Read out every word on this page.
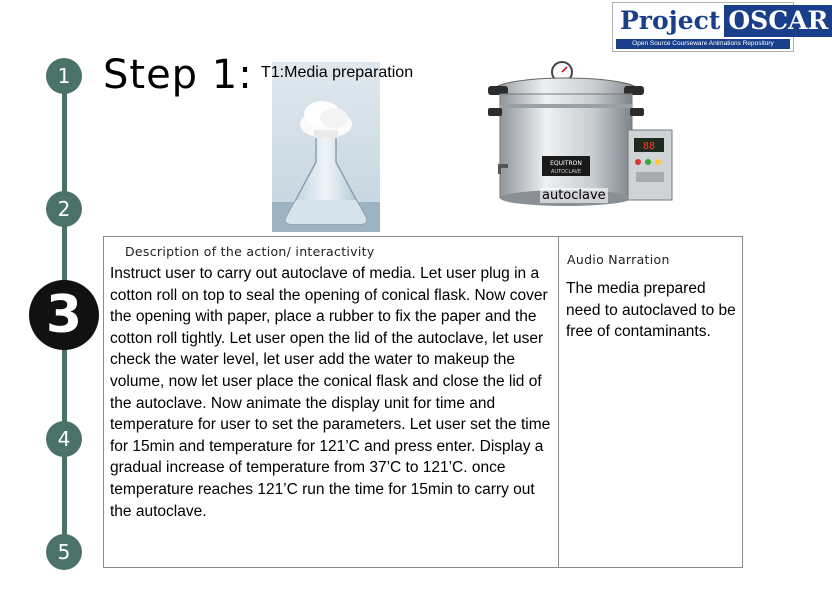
1
2
3
4
5
Step 1: T1:Media preparation
EQUITRON
AUTOCLAVE
88
autoclave
Project OSCAR
Open Source Courseware Animations Repository
Description of the action/ interactivity
Audio Narration
Instruct user to carry out autoclave of media. Let user plug in a cotton roll on top to seal the opening of conical flask. Now cover the opening with paper, place a rubber to fix the paper and the cotton roll tightly. Let user open the lid of the autoclave, let user check the water level, let user add the water to makeup the volume, now let user place the conical flask and close the lid of the autoclave. Now animate the display unit for time and temperature for user to set the parameters. Let user set the time for 15min and temperature for 121’C and press enter. Display a gradual increase of temperature from 37’C to 121’C. once temperature reaches 121’C run the time for 15min to carry out the autoclave.
The media prepared need to autoclaved to be free of contaminants.
